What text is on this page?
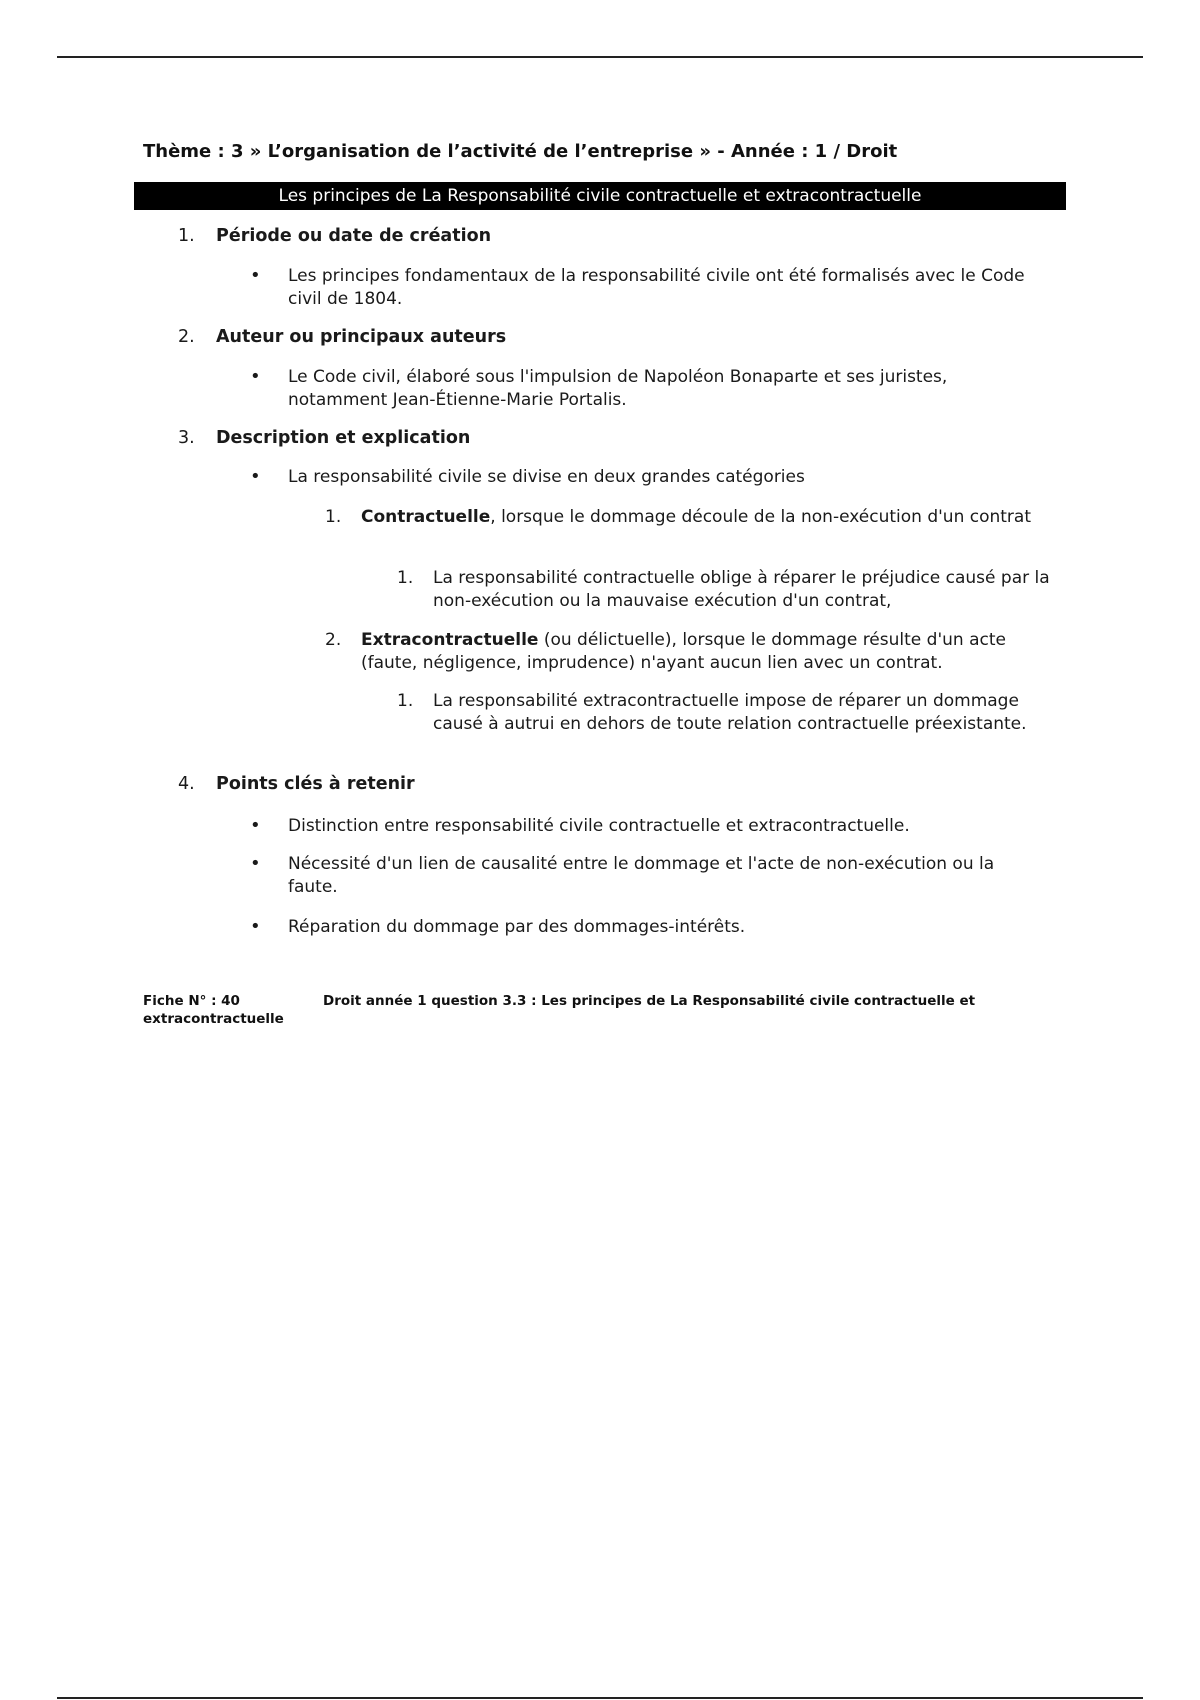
Thème : 3 » L’organisation de l’activité de l’entreprise » - Année : 1 / Droit
Les principes de La Responsabilité civile contractuelle et extracontractuelle
1. Période ou date de création
• Les principes fondamentaux de la responsabilité civile ont été formalisés avec le Code civil de 1804.
2. Auteur ou principaux auteurs
• Le Code civil, élaboré sous l'impulsion de Napoléon Bonaparte et ses juristes, notamment Jean-Étienne-Marie Portalis.
3. Description et explication
• La responsabilité civile se divise en deux grandes catégories
1. Contractuelle, lorsque le dommage découle de la non-exécution d'un contrat
1. La responsabilité contractuelle oblige à réparer le préjudice causé par la non-exécution ou la mauvaise exécution d'un contrat,
2. Extracontractuelle (ou délictuelle), lorsque le dommage résulte d'un acte (faute, négligence, imprudence) n'ayant aucun lien avec un contrat.
1. La responsabilité extracontractuelle impose de réparer un dommage causé à autrui en dehors de toute relation contractuelle préexistante.
4. Points clés à retenir
• Distinction entre responsabilité civile contractuelle et extracontractuelle.
• Nécessité d'un lien de causalité entre le dommage et l'acte de non-exécution ou la faute.
• Réparation du dommage par des dommages-intérêts.
Fiche N° : 40	Droit année 1 question 3.3 : Les principes de La Responsabilité civile contractuelle et extracontractuelle
